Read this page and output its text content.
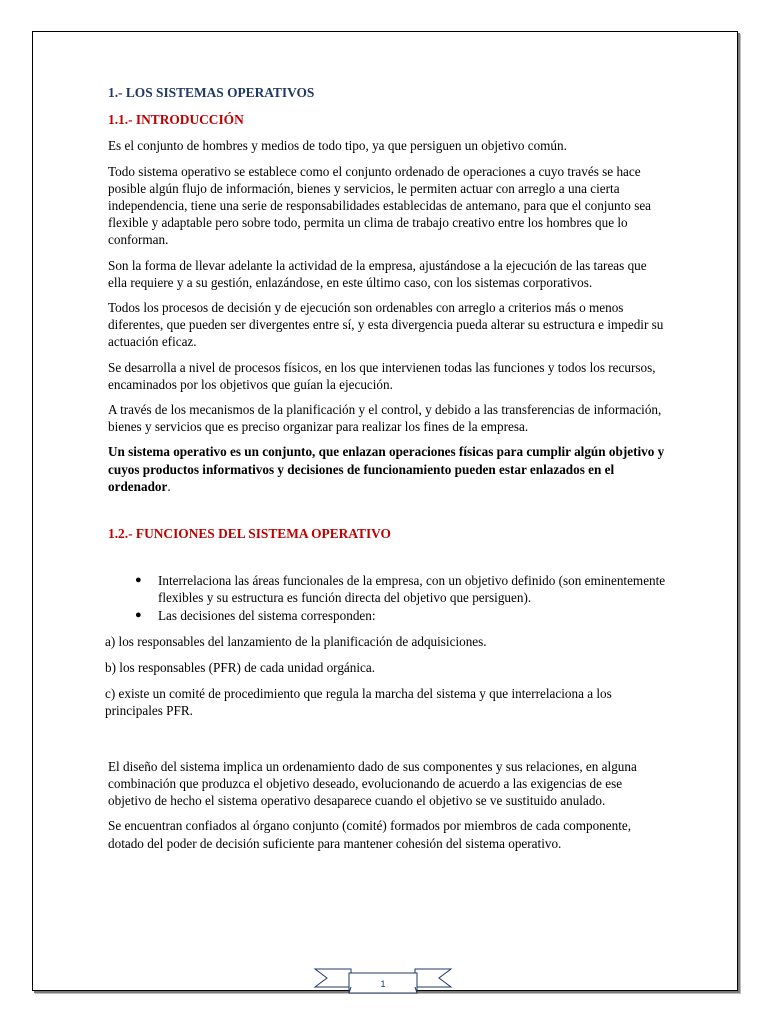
1.- LOS SISTEMAS OPERATIVOS
1.1.- INTRODUCCIÓN

Es el conjunto de hombres y medios de todo tipo, ya que persiguen un objetivo común.

Todo sistema operativo se establece como el conjunto ordenado de operaciones a cuyo través se hace posible algún flujo de información, bienes y servicios, le permiten actuar con arreglo a una cierta independencia, tiene una serie de responsabilidades establecidas de antemano, para que el conjunto sea flexible y adaptable pero sobre todo, permita un clima de trabajo creativo entre los hombres que lo conforman.

Son la forma de llevar adelante la actividad de la empresa, ajustándose a la ejecución de las tareas que ella requiere y a su gestión, enlazándose, en este último caso, con los sistemas corporativos.

Todos los procesos de decisión y de ejecución son ordenables con arreglo a criterios más o menos diferentes, que pueden ser divergentes entre sí, y esta divergencia pueda alterar su estructura e impedir su actuación eficaz.

Se desarrolla a nivel de procesos físicos, en los que intervienen todas las funciones y todos los recursos, encaminados por los objetivos que guían la ejecución.

A través de los mecanismos de la planificación y el control, y debido a las transferencias de información, bienes y servicios que es preciso organizar para realizar los fines de la empresa.

Un sistema operativo es un conjunto, que enlazan operaciones físicas para cumplir algún objetivo y cuyos productos informativos y decisiones de funcionamiento pueden estar enlazados en el ordenador.

1.2.- FUNCIONES DEL SISTEMA OPERATIVO
● Interrelaciona las áreas funcionales de la empresa, con un objetivo definido (son eminentemente flexibles y su estructura es función directa del objetivo que persiguen).
● Las decisiones del sistema corresponden:

a) los responsables del lanzamiento de la planificación de adquisiciones.

b) los responsables (PFR) de cada unidad orgánica.

c) existe un comité de procedimiento que regula la marcha del sistema y que interrelaciona a los principales PFR.

El diseño del sistema implica un ordenamiento dado de sus componentes y sus relaciones, en alguna combinación que produzca el objetivo deseado, evolucionando de acuerdo a las exigencias de ese objetivo de hecho el sistema operativo desaparece cuando el objetivo se ve sustituido anulado.

Se encuentran confiados al órgano conjunto (comité) formados por miembros de cada componente, dotado del poder de decisión suficiente para mantener cohesión del sistema operativo.

1
